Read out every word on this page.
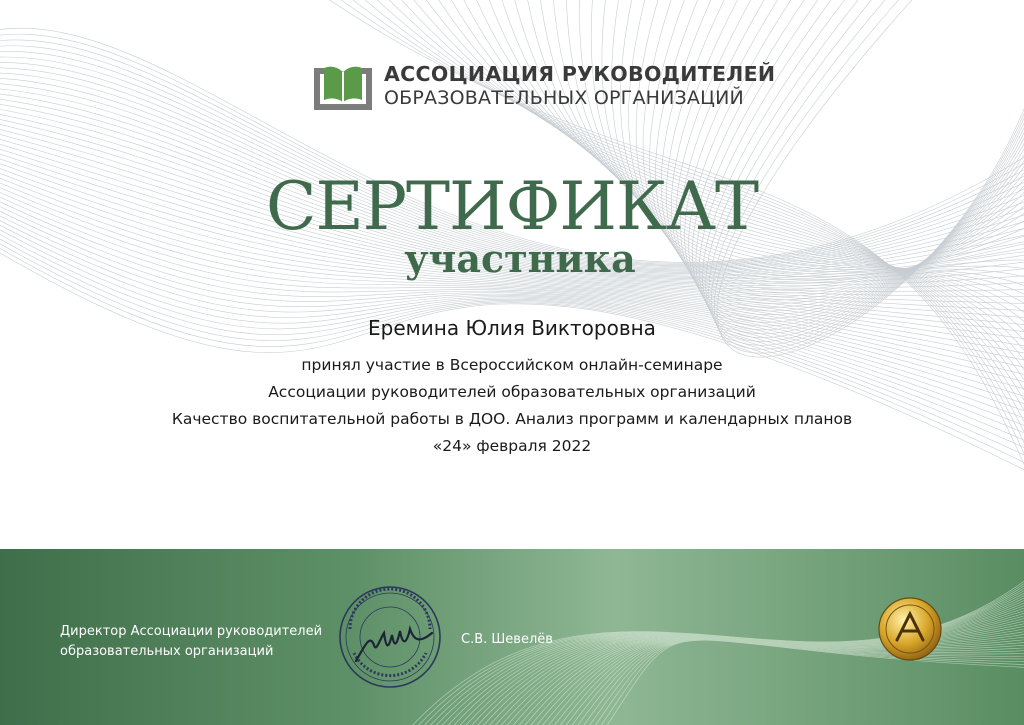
АССОЦИАЦИЯ РУКОВОДИТЕЛЕЙ
ОБРАЗОВАТЕЛЬНЫХ ОРГАНИЗАЦИЙ
СЕРТИФИКАТ
участника
Еремина Юлия Викторовна
принял участие в Всероссийском онлайн-семинаре
Ассоциации руководителей образовательных организаций
Качество воспитательной работы в ДОО. Анализ программ и календарных планов
«24» февраля 2022
Директор Ассоциации руководителей
образовательных организаций
С.В. Шевелёв
